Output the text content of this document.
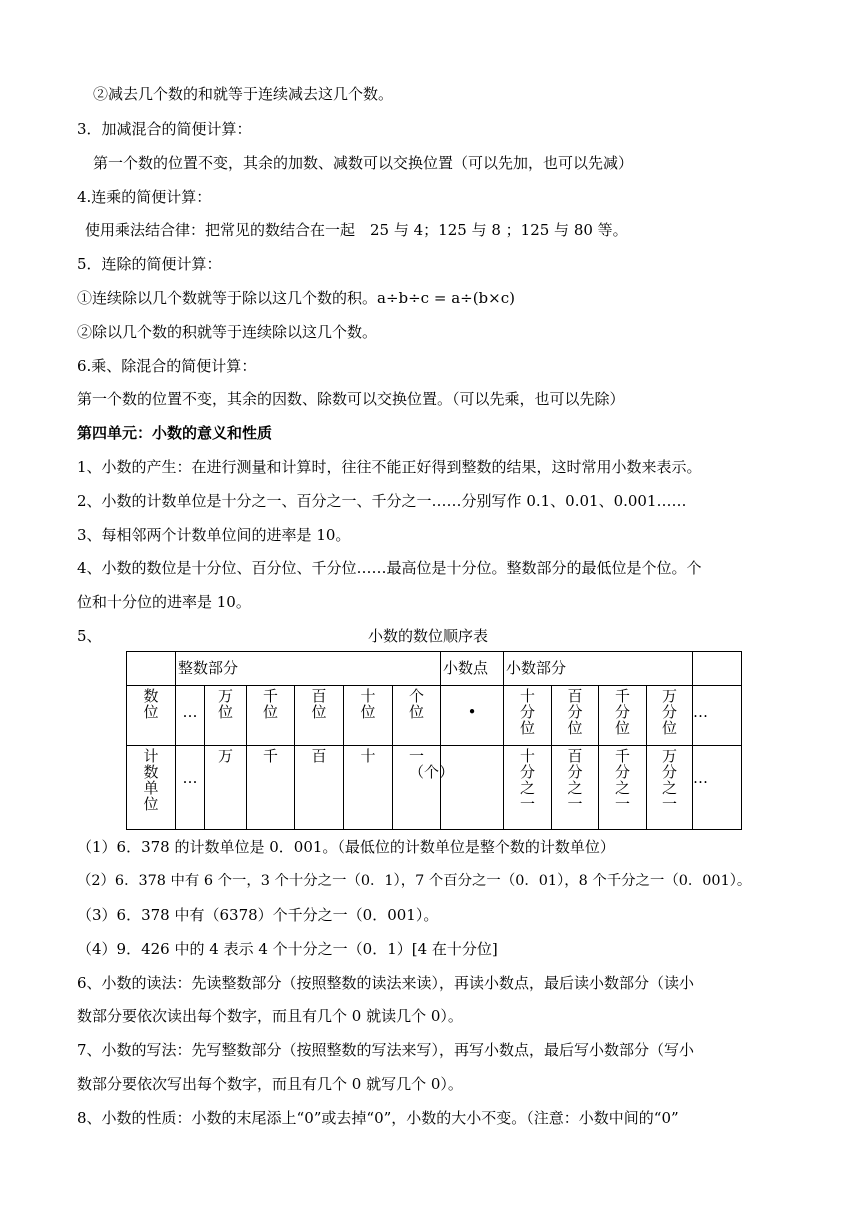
②减去几个数的和就等于连续减去这几个数。
3．加减混合的简便计算：
第一个数的位置不变，其余的加数、减数可以交换位置（可以先加，也可以先减）
4.连乘的简便计算：
使用乘法结合律：把常见的数结合在一起　25 与 4；125 与 8 ；125 与 80 等。
5．连除的简便计算：
①连续除以几个数就等于除以这几个数的积。a÷b÷c = a÷(b×c)
②除以几个数的积就等于连续除以这几个数。
6.乘、除混合的简便计算：
第一个数的位置不变，其余的因数、除数可以交换位置。（可以先乘，也可以先除）
第四单元：小数的意义和性质
1、小数的产生：在进行测量和计算时，往往不能正好得到整数的结果，这时常用小数来表示。
2、小数的计数单位是十分之一、百分之一、千分之一……分别写作 0.1、0.01、0.001……
3、每相邻两个计数单位间的进率是 10。
4、小数的数位是十分位、百分位、千分位……最高位是十分位。整数部分的最低位是个位。个
位和十分位的进率是 10。
5、	小数的数位顺序表
	整数部分						小数点	小数部分				
数位	…	万位	千位	百位	十位	个位	•	十分位	百分位	千分位	万分位	…
计数单位	…	万	千	百	十	一（个）		十分之一	百分之一	千分之一	万分之一	…
（1）6．378 的计数单位是 0．001。（最低位的计数单位是整个数的计数单位）
（2）6．378 中有 6 个一，3 个十分之一（0．1），7 个百分之一（0．01），8 个千分之一（0．001）。
（3）6．378 中有（6378）个千分之一（0．001）。
（4）9．426 中的 4 表示 4 个十分之一（0．1）[4 在十分位]
6、小数的读法：先读整数部分（按照整数的读法来读），再读小数点，最后读小数部分（读小
数部分要依次读出每个数字，而且有几个 0 就读几个 0）。
7、小数的写法：先写整数部分（按照整数的写法来写），再写小数点，最后写小数部分（写小
数部分要依次写出每个数字，而且有几个 0 就写几个 0）。
8、小数的性质：小数的末尾添上“0”或去掉“0”，小数的大小不变。（注意：小数中间的“0”
